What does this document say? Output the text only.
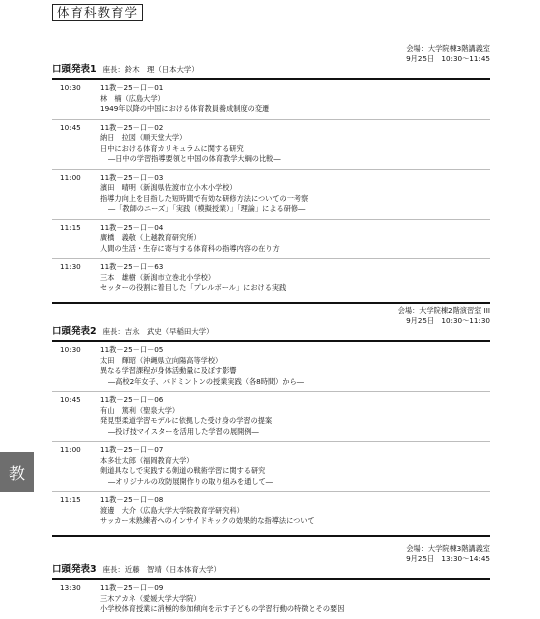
体育科教育学
教
会場：大学院棟3階講義室
9月25日　10:30〜11:45
口頭発表1 座長：鈴木　理（日本大学）
10:30	11教－25－口－01
林　楠（広島大学）
1949年以降の中国における体育教員養成制度の変遷
10:45	11教－25－口－02
納日　拉図（順天堂大学）
日中における体育カリキュラムに関する研究
―日中の学習指導要領と中国の体育教学大綱の比較―
11:00	11教－25－口－03
濱田　晴明（新潟県佐渡市立小木小学校）
指導力向上を目指した短時間で有効な研修方法についての一考察
―「教師のニーズ」「実践（模擬授業）」「理論」による研修―
11:15	11教－25－口－04
廣橋　義敬（上越教育研究所）
人間の生活・生存に寄与する体育科の指導内容の在り方
11:30	11教－25－口－63
三本　雄樹（新潟市立巻北小学校）
セッターの役割に着目した「プレルボール」における実践
会場：大学院棟2階演習室 III
9月25日　10:30〜11:30
口頭発表2 座長：吉永　武史（早稲田大学）
10:30	11教－25－口－05
太田　輝昭（沖縄県立向陽高等学校）
異なる学習課程が身体活動量に及ぼす影響
―高校2年女子、バドミントンの授業実践（各8時間）から―
10:45	11教－25－口－06
有山　篤利（聖泉大学）
発見型柔道学習モデルに依拠した受け身の学習の提案
―投げ技マイスターを活用した学習の展開例―
11:00	11教－25－口－07
本多壮太郎（福岡教育大学）
剣道具なしで実践する剣道の戦術学習に関する研究
―オリジナルの攻防展開作りの取り組みを通して―
11:15	11教－25－口－08
渡邊　大介（広島大学大学院教育学研究科）
サッカー未熟練者へのインサイドキックの効果的な指導法について
会場：大学院棟3階講義室
9月25日　13:30〜14:45
口頭発表3 座長：近藤　智靖（日本体育大学）
13:30	11教－25－口－09
三木アカネ（愛媛大学大学院）
小学校体育授業に消極的参加傾向を示す子どもの学習行動の特徴とその要因
